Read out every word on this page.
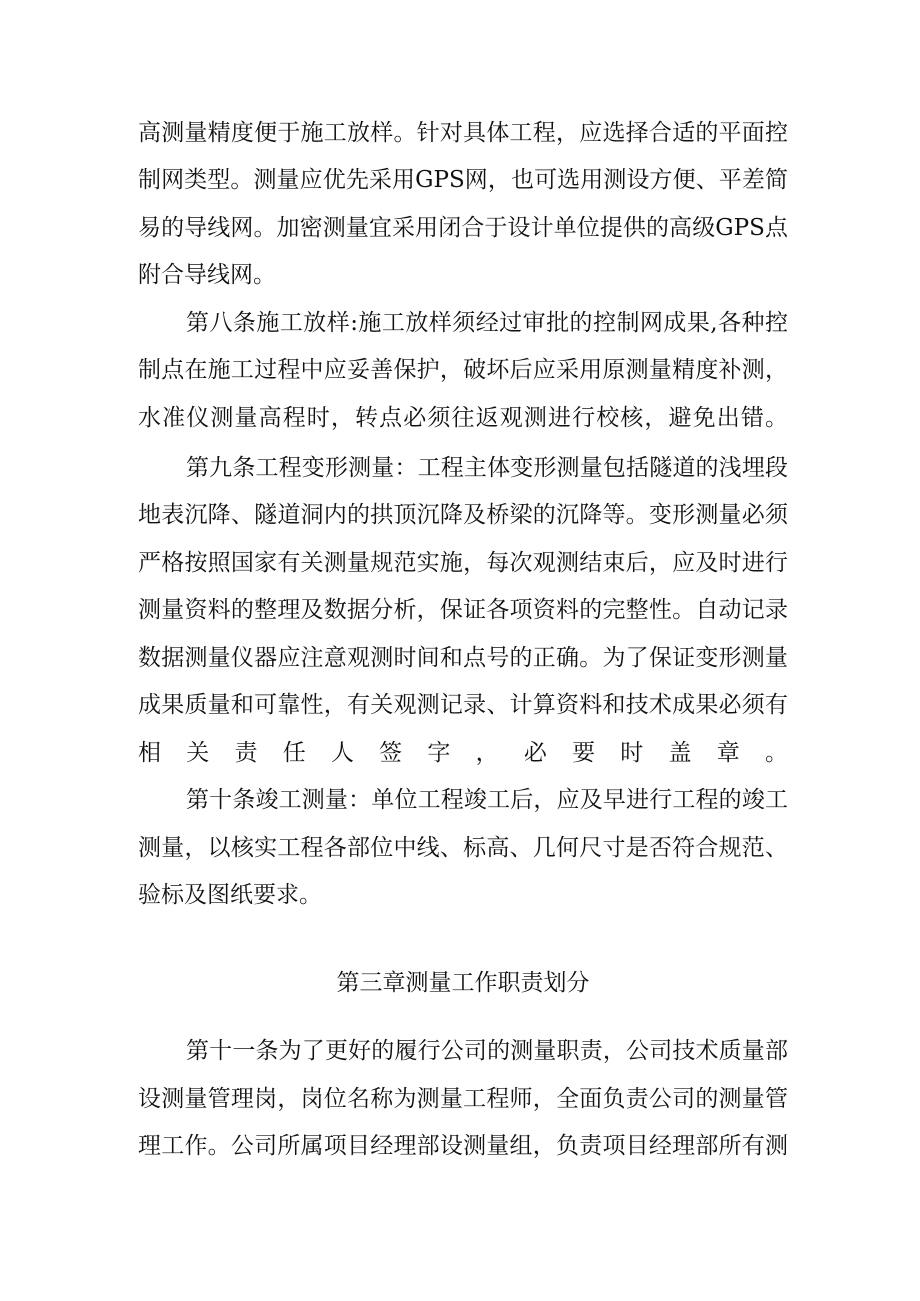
高测量精度便于施工放样。针对具体工程，应选择合适的平面控
制网类型。测量应优先采用GPS网，也可选用测设方便、平差简
易的导线网。加密测量宜采用闭合于设计单位提供的高级GPS点
附合导线网。
第八条施工放样:施工放样须经过审批的控制网成果,各种控
制点在施工过程中应妥善保护，破坏后应采用原测量精度补测，
水准仪测量高程时，转点必须往返观测进行校核，避免出错。
第九条工程变形测量：工程主体变形测量包括隧道的浅埋段
地表沉降、隧道洞内的拱顶沉降及桥梁的沉降等。变形测量必须
严格按照国家有关测量规范实施，每次观测结束后，应及时进行
测量资料的整理及数据分析，保证各项资料的完整性。自动记录
数据测量仪器应注意观测时间和点号的正确。为了保证变形测量
成果质量和可靠性，有关观测记录、计算资料和技术成果必须有
相关责任人签字，必要时盖章。
第十条竣工测量：单位工程竣工后，应及早进行工程的竣工
测量，以核实工程各部位中线、标高、几何尺寸是否符合规范、
验标及图纸要求。
第三章测量工作职责划分
第十一条为了更好的履行公司的测量职责，公司技术质量部
设测量管理岗，岗位名称为测量工程师，全面负责公司的测量管
理工作。公司所属项目经理部设测量组，负责项目经理部所有测
